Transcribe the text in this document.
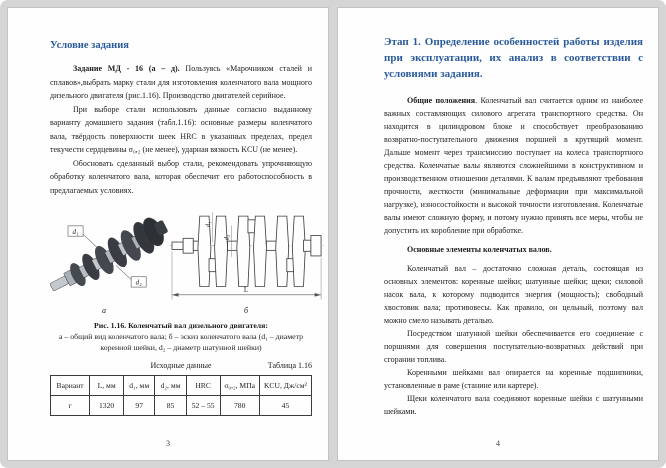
Условие задания

Задание МД - 16 (а – д). Пользуясь «Марочником сталей и сплавов»,выбрать марку стали для изготовления коленчатого вала мощного дизельного двигателя (рис.1.16). Производство двигателей серийное.

При выборе стали использовать данные согласно выданному варианту домашнего задания (табл.1.16): основные размеры коленчатого вала, твёрдость поверхности шеек HRC в указанных пределах, предел текучести сердцевины σ₀,₂ (не менее), ударная вязкость KCU (не менее).

Обосновать сделанный выбор стали, рекомендовать упрочняющую обработку коленчатого вала, которая обеспечит его работоспособность в предлагаемых условиях.

d₁
d₂
d₁
d₂
L
а	б
Рис. 1.16. Коленчатый вал дизельного двигателя:
а – общий вид коленчатого вала; б – эскиз коленчатого вала (d₁ – диаметр коренной шейки, d₂ – диаметр шатунной шейки)
Исходные данные	Таблица 1.16
Вариант	L, мм	d₁, мм	d₂, мм	HRC	σ₀,₂, МПа	KCU, Дж/см²
г	1320	97	85	52 – 55	780	45
3
Этап 1. Определение особенностей работы изделия при эксплуатации, их анализ в соответствии с условиями задания.

Общие положения. Коленчатый вал считается одним из наиболее важных составляющих силового агрегата транспортного средства. Он находится в цилиндровом блоке и способствует преобразованию возвратно-поступательного движения поршней в крутящий момент. Дальше момент через трансмиссию поступает на колеса транспортного средства. Коленчатые валы являются сложнейшими в конструктивном и производственном отношении деталями. К валам предъявляют требования прочности, жесткости (минимальные деформации при максимальной нагрузке), износостойкости и высокой точности изготовления. Коленчатые валы имеют сложную форму, и потому нужно принять все меры, чтобы не допустить их коробление при обработке.

Основные элементы коленчатых валов.

Коленчатый вал – достаточно сложная деталь, состоящая из основных элементов: коренные шейки; шатунные шейки; щеки; силовой насок вала, к которому подводится энергия (мощность); свободный хвостовик вала; противовесы. Как правило, он цельный, поэтому вал можно смело называть деталью.

Посредством шатунной шейки обеспечивается его соединение с поршнями для совершения поступательно-возвратных действий при сгорании топлива.

Коренными шейками вал опирается на коренные подшипники, установленные в раме (станине или картере).

Щеки коленчатого вала соединяют коренные шейки с шатунными шейками.

4
